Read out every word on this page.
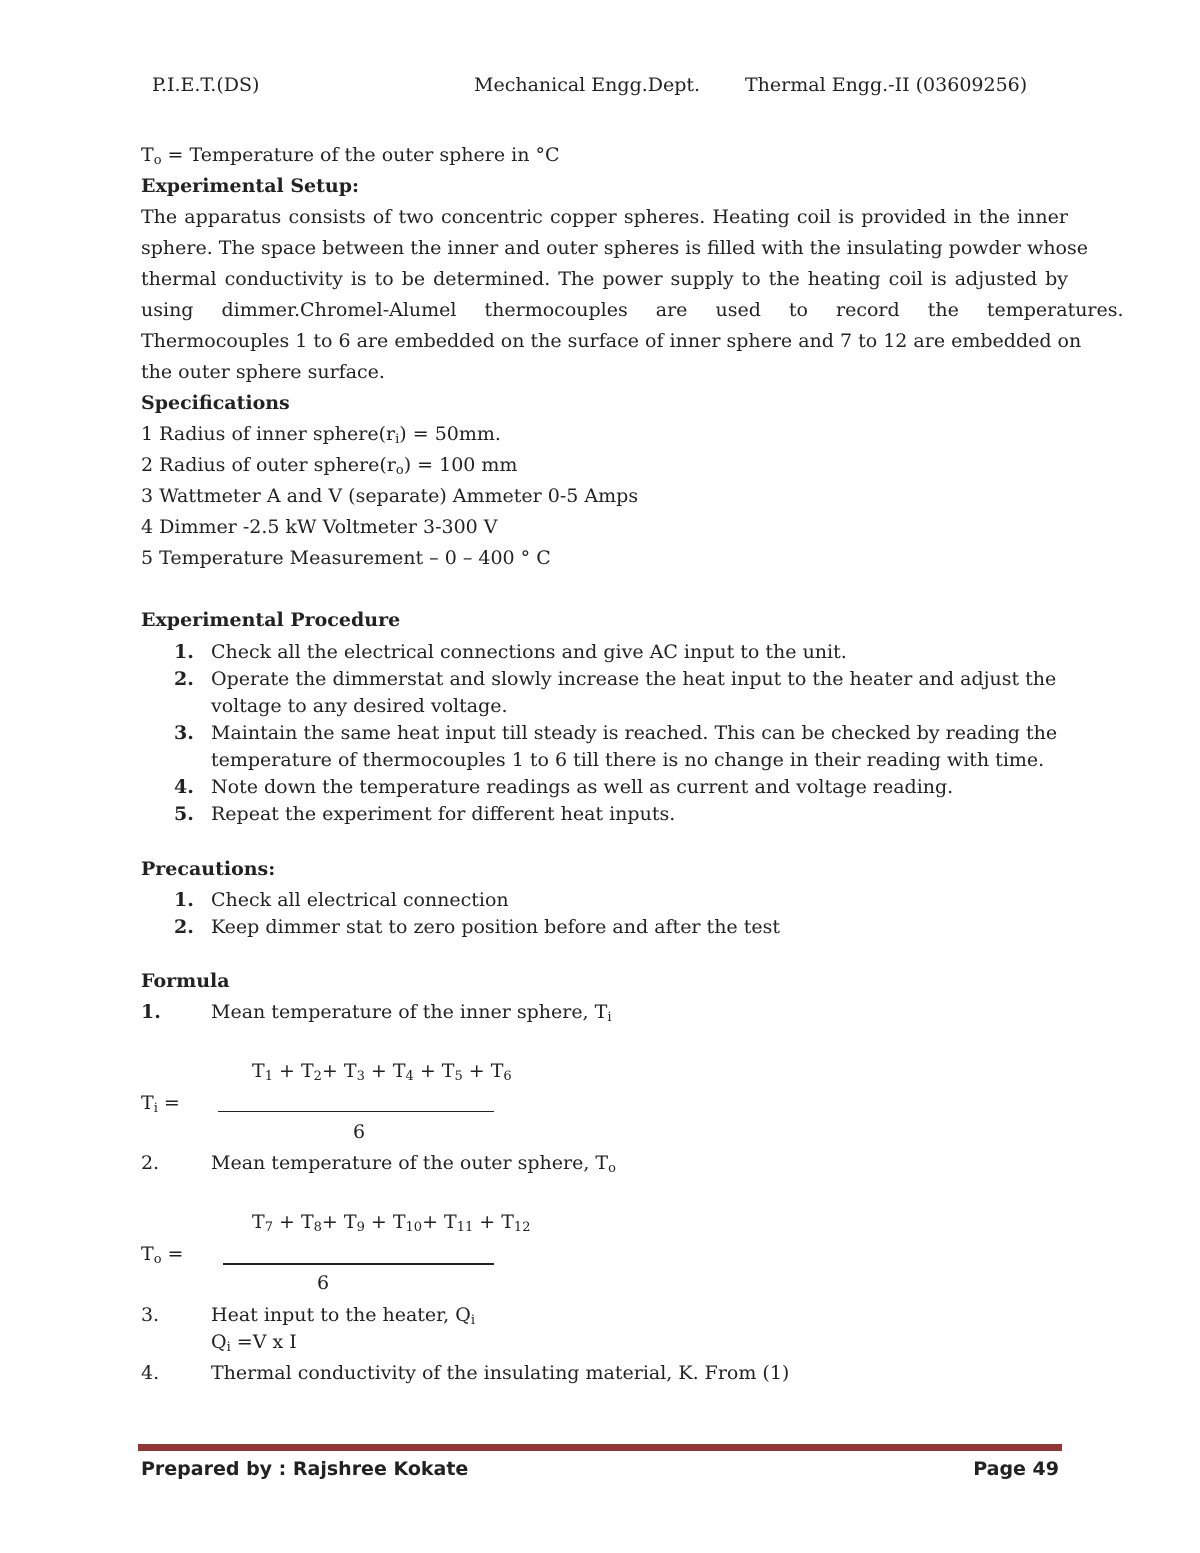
P.I.E.T.(DS)	Mechanical Engg.Dept. Thermal Engg.-II (03609256)
$T_o$ = Temperature of the outer sphere in °C
Experimental Setup:
The apparatus consists of two concentric copper spheres. Heating coil is provided in the inner
sphere. The space between the inner and outer spheres is filled with the insulating powder whose
thermal conductivity is to be determined. The power supply to the heating coil is adjusted by
using dimmer.Chromel-Alumel thermocouples are used to record the temperatures.
Thermocouples 1 to 6 are embedded on the surface of inner sphere and 7 to 12 are embedded on
the outer sphere surface.
Specifications
1 Radius of inner $sphere(r_i) = 50mm$.
2 Radius of outer $sphere(r_o) = 100$ mm
3 Wattmeter A and V (separate) Ammeter 0-5 Amps
4 Dimmer -2.5 kW Voltmeter 3-300 V
5 Temperature Measurement – 0 – 400 ° C
Experimental Procedure
1. Check all the electrical connections and give AC input to the unit.
2. Operate the dimmerstat and slowly increase the heat input to the heater and adjust the
voltage to any desired voltage.
3. Maintain the same heat input till steady is reached. This can be checked by reading the
temperature of thermocouples 1 to 6 till there is no change in their reading with time.
4. Note down the temperature readings as well as current and voltage reading.
5. Repeat the experiment for different heat inputs.
Precautions:
1. Check all electrical connection
2. Keep dimmer stat to zero position before and after the test
Formula
1.	Mean temperature of the inner sphere, $T_i$
$T_1 + T_2+ T_3 + T_4 + T_5 + T_6$
$T_i$ =
6
2.	Mean temperature of the outer sphere, $T_o$
$T_7 + T_8+ T_9 + T_{10}+ T_{11} + T_{12}$
$T_o$ =
6
3.	Heat input to the heater, $Q_i$
$Q_i =V$ x I
4.	Thermal conductivity of the insulating material, K. From (1)
Prepared by : Rajshree Kokate	Page 49
